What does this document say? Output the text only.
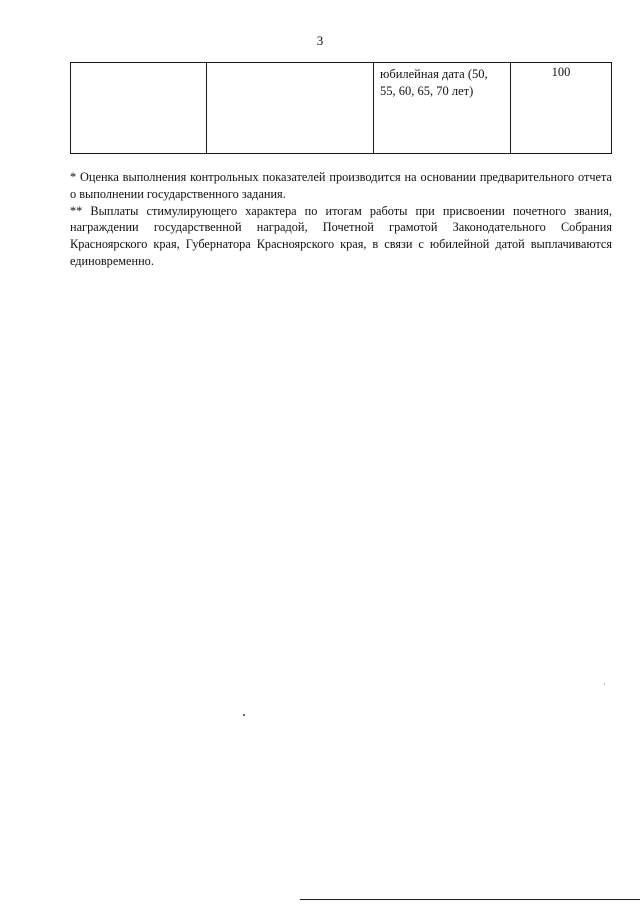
3
		юбилейная дата (50, 55, 60, 65, 70 лет)	100

* Оценка выполнения контрольных показателей производится на основании предварительного отчета о выполнении государственного задания.

** Выплаты стимулирующего характера по итогам работы при присвоении почетного звания, награждении государственной наградой, Почетной грамотой Законодательного Собрания Красноярского края, Губернатора Красноярского края, в связи с юбилейной датой выплачиваются единовременно.
